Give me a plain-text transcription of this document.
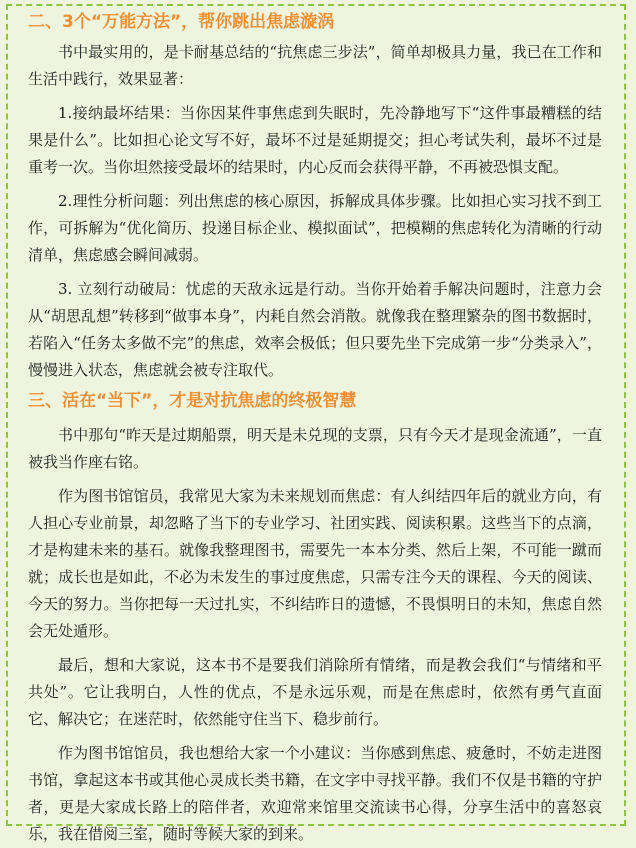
二、3个“万能方法”，帮你跳出焦虑漩涡

书中最实用的，是卡耐基总结的“抗焦虑三步法”，简单却极具力量，我已在工作和生活中践行，效果显著：

1.接纳最坏结果：当你因某件事焦虑到失眠时，先冷静地写下“这件事最糟糕的结果是什么”。比如担心论文写不好，最坏不过是延期提交；担心考试失利，最坏不过是重考一次。当你坦然接受最坏的结果时，内心反而会获得平静，不再被恐惧支配。

2.理性分析问题：列出焦虑的核心原因，拆解成具体步骤。比如担心实习找不到工作，可拆解为“优化简历、投递目标企业、模拟面试”，把模糊的焦虑转化为清晰的行动清单，焦虑感会瞬间减弱。

3. 立刻行动破局：忧虑的天敌永远是行动。当你开始着手解决问题时，注意力会从“胡思乱想”转移到“做事本身”，内耗自然会消散。就像我在整理繁杂的图书数据时，若陷入“任务太多做不完”的焦虑，效率会极低；但只要先坐下完成第一步“分类录入”，慢慢进入状态，焦虑就会被专注取代。

三、活在“当下”，才是对抗焦虑的终极智慧

书中那句“昨天是过期船票，明天是未兑现的支票，只有今天才是现金流通”，一直被我当作座右铭。

作为图书馆馆员，我常见大家为未来规划而焦虑：有人纠结四年后的就业方向，有人担心专业前景，却忽略了当下的专业学习、社团实践、阅读积累。这些当下的点滴，才是构建未来的基石。就像我整理图书，需要先一本本分类、然后上架，不可能一蹴而就；成长也是如此，不必为未发生的事过度焦虑，只需专注今天的课程、今天的阅读、今天的努力。当你把每一天过扎实，不纠结昨日的遗憾，不畏惧明日的未知，焦虑自然会无处遁形。

最后，想和大家说，这本书不是要我们消除所有情绪，而是教会我们“与情绪和平共处”。它让我明白，人性的优点，不是永远乐观，而是在焦虑时，依然有勇气直面它、解决它；在迷茫时，依然能守住当下、稳步前行。

作为图书馆馆员，我也想给大家一个小建议：当你感到焦虑、疲惫时，不妨走进图书馆，拿起这本书或其他心灵成长类书籍，在文字中寻找平静。我们不仅是书籍的守护者，更是大家成长路上的陪伴者，欢迎常来馆里交流读书心得，分享生活中的喜怒哀乐，我在借阅三室，随时等候大家的到来。
